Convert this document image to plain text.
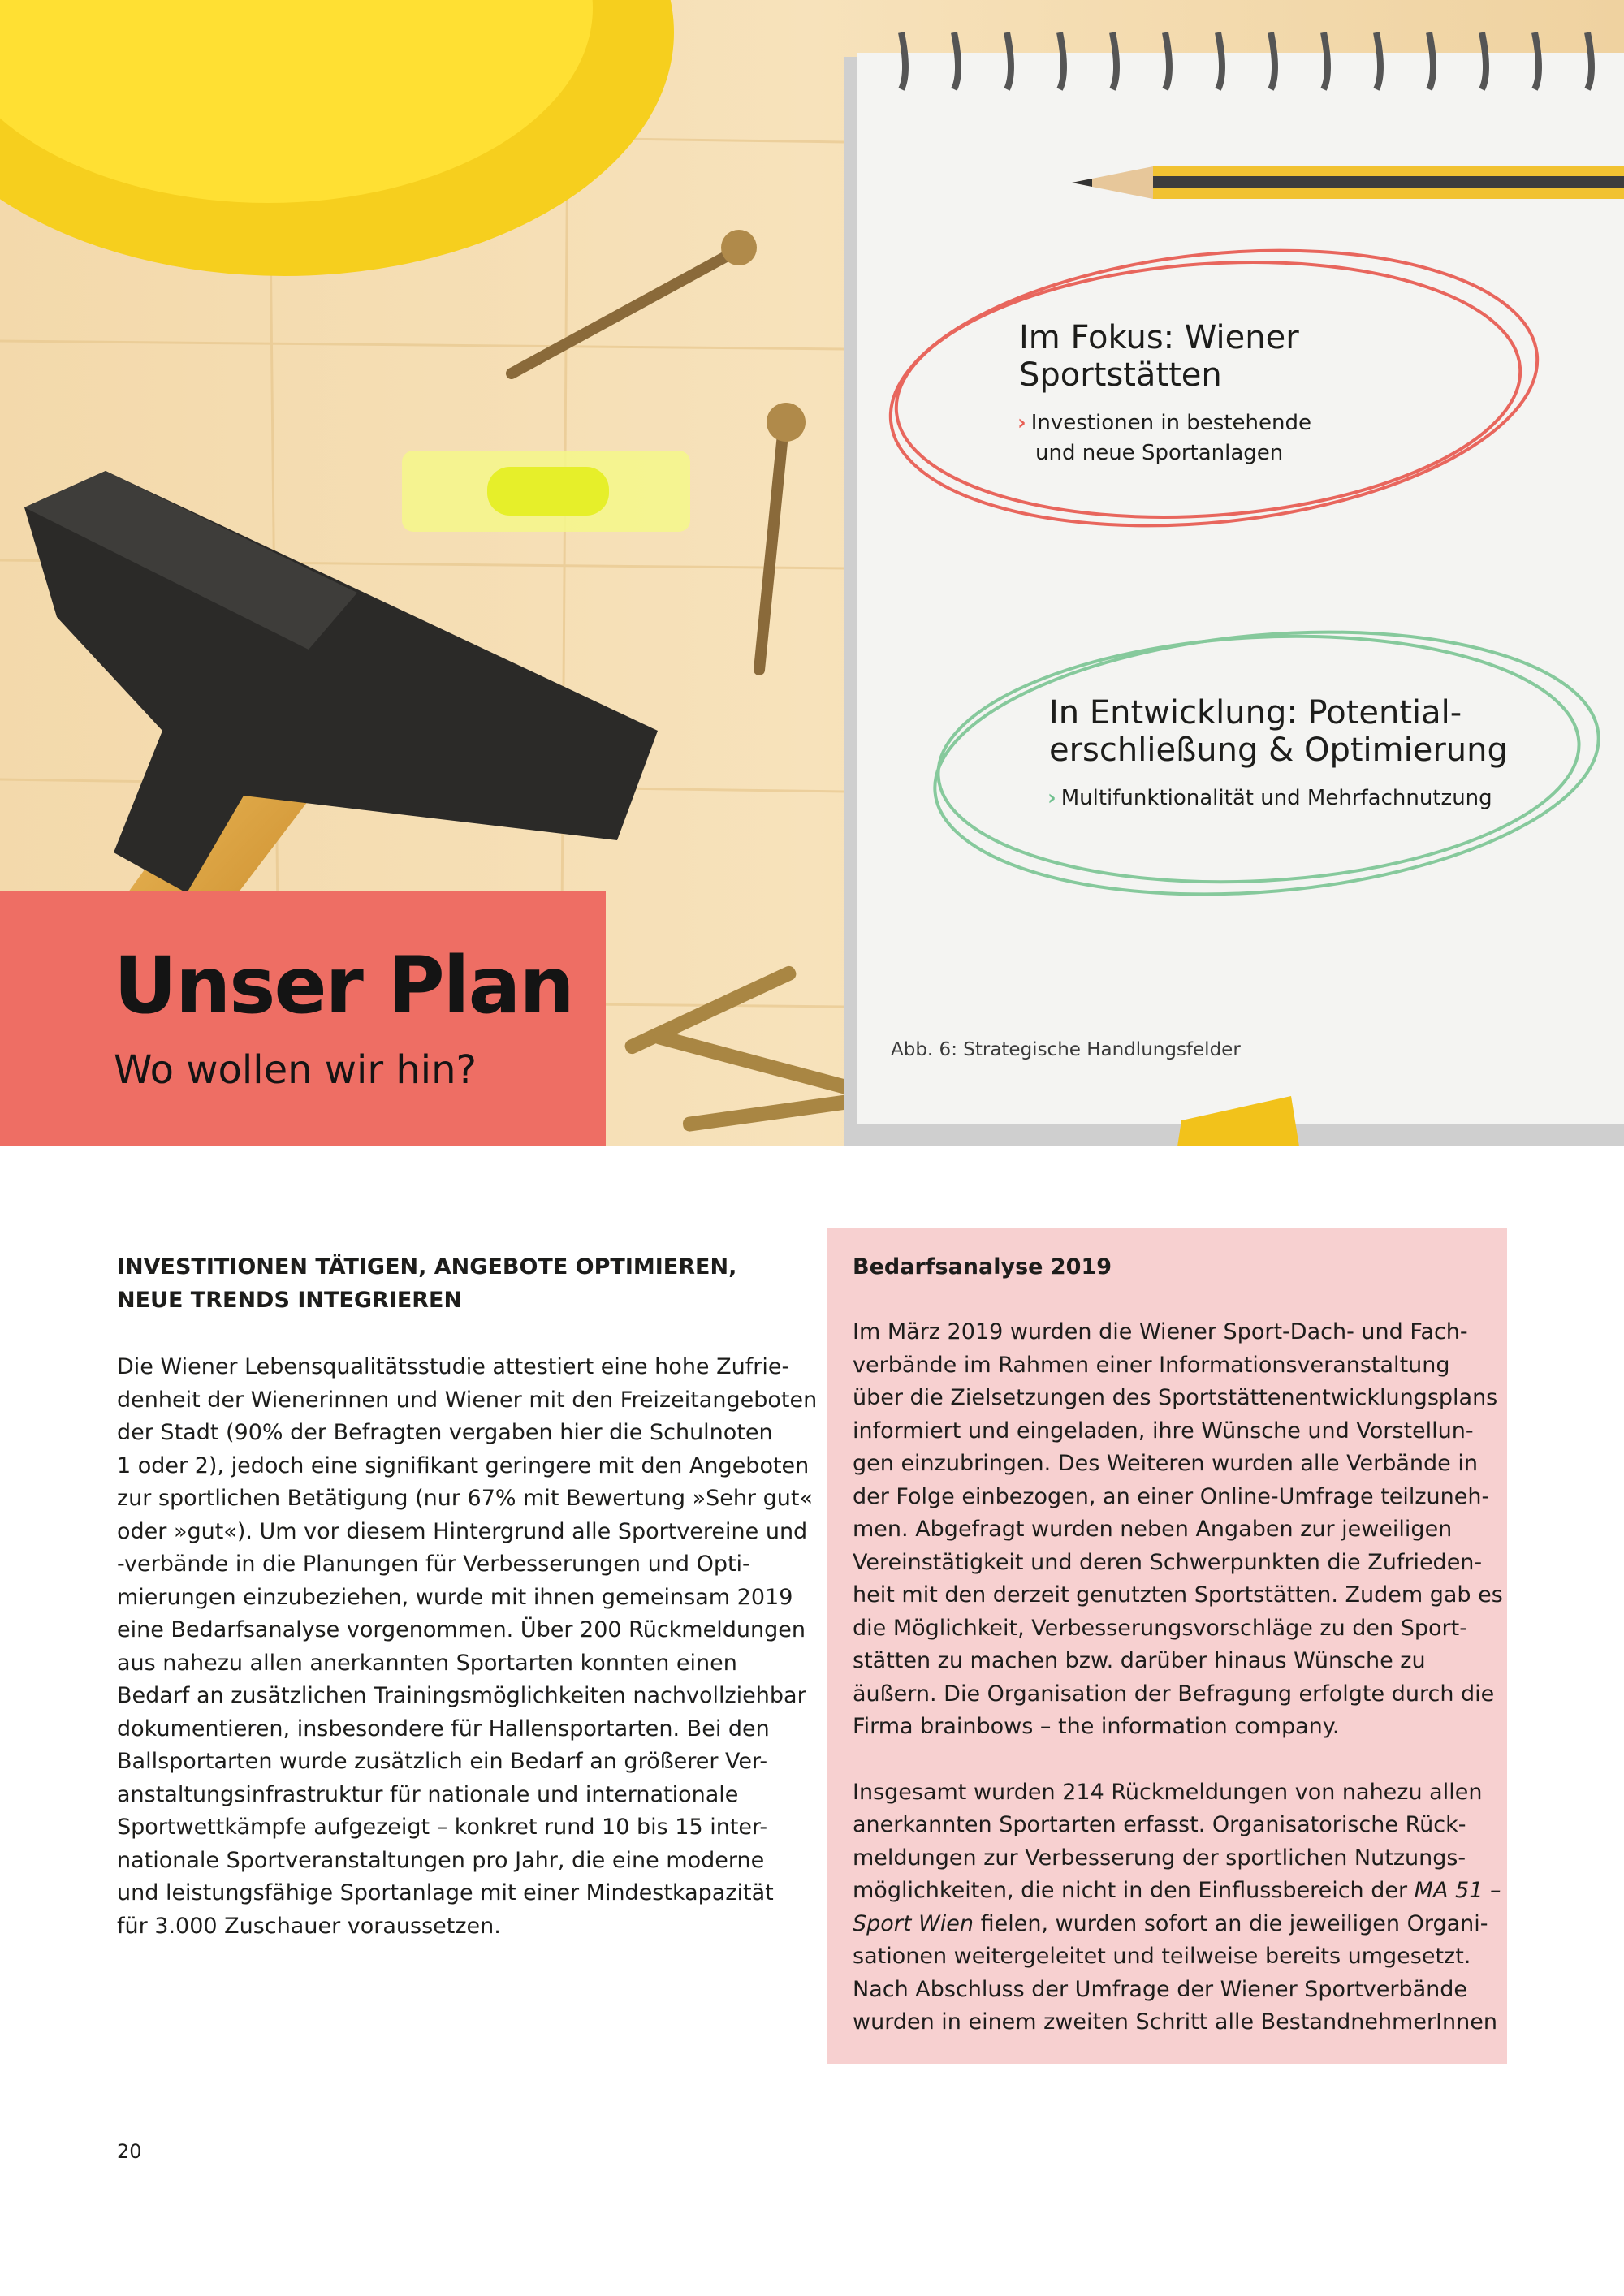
Im Fokus: Wiener
Sportstätten
› Investionen in bestehende
und neue Sportanlagen
In Entwicklung: Potential-
erschließung & Optimierung
› Multifunktionalität und Mehrfachnutzung
Abb. 6: Strategische Handlungsfelder
Unser Plan
Wo wollen wir hin?
INVESTITIONEN TÄTIGEN, ANGEBOTE OPTIMIEREN,
NEUE TRENDS INTEGRIEREN

Die Wiener Lebensqualitätsstudie attestiert eine hohe Zufrie-
denheit der Wienerinnen und Wiener mit den Freizeitangeboten
der Stadt (90% der Befragten vergaben hier die Schulnoten
1 oder 2), jedoch eine signifikant geringere mit den Angeboten
zur sportlichen Betätigung (nur 67% mit Bewertung »Sehr gut«
oder »gut«). Um vor diesem Hintergrund alle Sportvereine und
-verbände in die Planungen für Verbesserungen und Opti-
mierungen einzubeziehen, wurde mit ihnen gemeinsam 2019
eine Bedarfsanalyse vorgenommen. Über 200 Rückmeldungen
aus nahezu allen anerkannten Sportarten konnten einen
Bedarf an zusätzlichen Trainingsmöglichkeiten nachvollziehbar
dokumentieren, insbesondere für Hallensportarten. Bei den
Ballsportarten wurde zusätzlich ein Bedarf an größerer Ver-
anstaltungsinfrastruktur für nationale und internationale
Sportwettkämpfe aufgezeigt – konkret rund 10 bis 15 inter-
nationale Sportveranstaltungen pro Jahr, die eine moderne
und leistungsfähige Sportanlage mit einer Mindestkapazität
für 3.000 Zuschauer voraussetzen.

Bedarfsanalyse 2019

Im März 2019 wurden die Wiener Sport-Dach- und Fach-
verbände im Rahmen einer Informationsveranstaltung
über die Zielsetzungen des Sportstättenentwicklungsplans
informiert und eingeladen, ihre Wünsche und Vorstellun-
gen einzubringen. Des Weiteren wurden alle Verbände in
der Folge einbezogen, an einer Online-Umfrage teilzuneh-
men. Abgefragt wurden neben Angaben zur jeweiligen
Vereinstätigkeit und deren Schwerpunkten die Zufrieden-
heit mit den derzeit genutzten Sportstätten. Zudem gab es
die Möglichkeit, Verbesserungsvorschläge zu den Sport-
stätten zu machen bzw. darüber hinaus Wünsche zu
äußern. Die Organisation der Befragung erfolgte durch die
Firma brainbows – the information company.

Insgesamt wurden 214 Rückmeldungen von nahezu allen
anerkannten Sportarten erfasst. Organisatorische Rück-
meldungen zur Verbesserung der sportlichen Nutzungs-
möglichkeiten, die nicht in den Einflussbereich der MA 51 –
Sport Wien fielen, wurden sofort an die jeweiligen Organi-
sationen weitergeleitet und teilweise bereits umgesetzt.
Nach Abschluss der Umfrage der Wiener Sportverbände
wurden in einem zweiten Schritt alle BestandnehmerInnen

20
